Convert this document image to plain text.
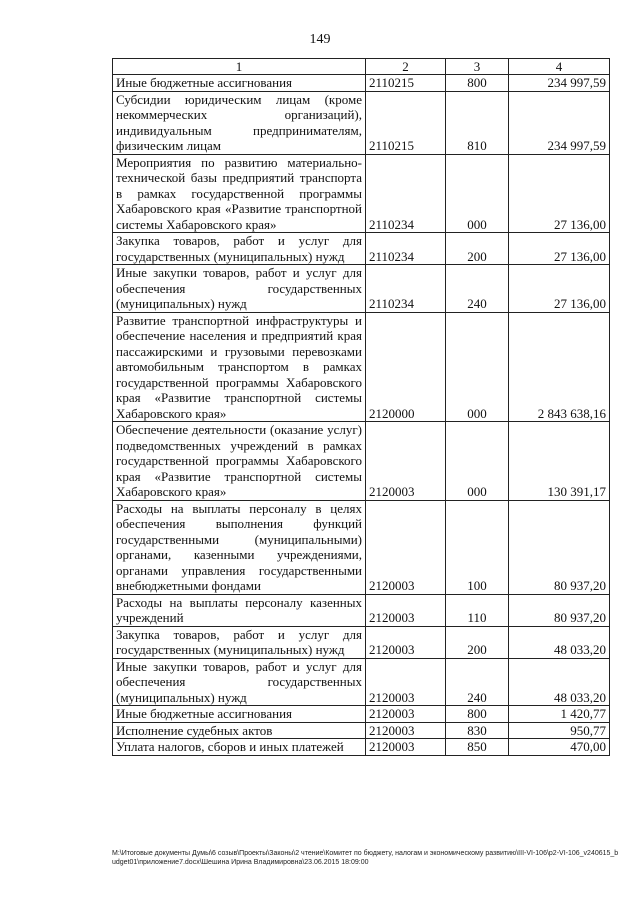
149
1	2	3	4
Иные бюджетные ассигнования	2110215	800	234 997,59
Субсидии юридическим лицам (кроме некоммерческих организаций), индивидуальным предпринимателям, физическим лицам	2110215	810	234 997,59
Мероприятия по развитию материально-технической базы предприятий транспорта в рамках государственной программы Хабаровского края «Развитие транспортной системы Хабаровского края»	2110234	000	27 136,00
Закупка товаров, работ и услуг для государственных (муниципальных) нужд	2110234	200	27 136,00
Иные закупки товаров, работ и услуг для обеспечения государственных (муниципальных) нужд	2110234	240	27 136,00
Развитие транспортной инфраструктуры и обеспечение населения и предприятий края пассажирскими и грузовыми перевозками автомобильным транспортом в рамках государственной программы Хабаровского края «Развитие транспортной системы Хабаровского края»	2120000	000	2 843 638,16
Обеспечение деятельности (оказание услуг) подведомственных учреждений в рамках государственной программы Хабаровского края «Развитие транспортной системы Хабаровского края»	2120003	000	130 391,17
Расходы на выплаты персоналу в целях обеспечения выполнения функций государственными (муниципальными) органами, казенными учреждениями, органами управления государственными внебюджетными фондами	2120003	100	80 937,20
Расходы на выплаты персоналу казенных учреждений	2120003	110	80 937,20
Закупка товаров, работ и услуг для государственных (муниципальных) нужд	2120003	200	48 033,20
Иные закупки товаров, работ и услуг для обеспечения государственных (муниципальных) нужд	2120003	240	48 033,20
Иные бюджетные ассигнования	2120003	800	1 420,77
Исполнение судебных актов	2120003	830	950,77
Уплата налогов, сборов и иных платежей	2120003	850	470,00
M:\Итоговые документы Думы\6 созыв\Проекты\Законы\2 чтение\Комитет по бюджету, налогам и экономическому развитию\III-VI-106\p2-VI-106_v240615_budget01\приложение7.docx\Шешина Ирина Владимировна\23.06.2015 18:09:00
